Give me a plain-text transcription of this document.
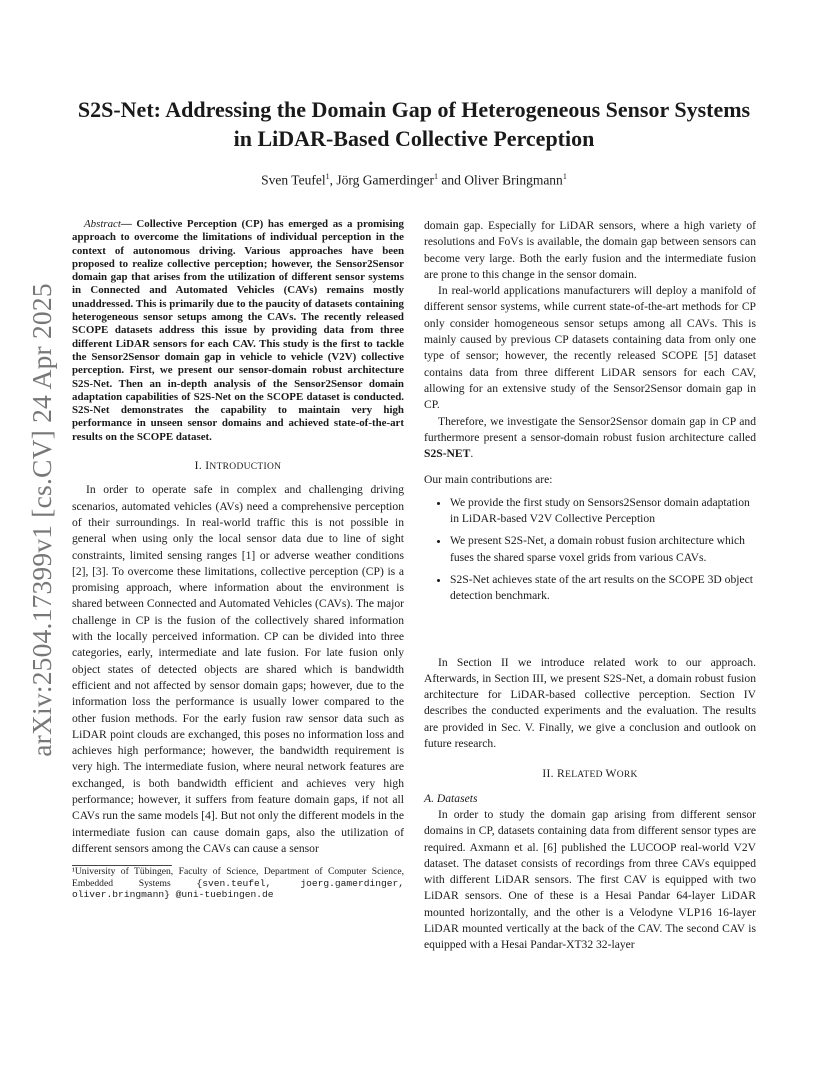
arXiv:2504.17399v1 [cs.CV] 24 Apr 2025
S2S-Net: Addressing the Domain Gap of Heterogeneous Sensor Systems
in LiDAR-Based Collective Perception

Sven Teufel$^1$, Jörg Gamerdinger$^1$ and Oliver Bringmann$^1$

Abstract— Collective Perception (CP) has emerged as a promising approach to overcome the limitations of individual perception in the context of autonomous driving. Various approaches have been proposed to realize collective perception; however, the Sensor2Sensor domain gap that arises from the utilization of different sensor systems in Connected and Automated Vehicles (CAVs) remains mostly unaddressed. This is primarily due to the paucity of datasets containing heterogeneous sensor setups among the CAVs. The recently released SCOPE datasets address this issue by providing data from three different LiDAR sensors for each CAV. This study is the first to tackle the Sensor2Sensor domain gap in vehicle to vehicle (V2V) collective perception. First, we present our sensor-domain robust architecture S2S-Net. Then an in-depth analysis of the Sensor2Sensor domain adaptation capabilities of S2S-Net on the SCOPE dataset is conducted. S2S-Net demonstrates the capability to maintain very high performance in unseen sensor domains and achieved state-of-the-art results on the SCOPE dataset.

I. INTRODUCTION

In order to operate safe in complex and challenging driving scenarios, automated vehicles (AVs) need a comprehensive perception of their surroundings. In real-world traffic this is not possible in general when using only the local sensor data due to line of sight constraints, limited sensing ranges [1] or adverse weather conditions [2], [3]. To overcome these limitations, collective perception (CP) is a promising approach, where information about the environment is shared between Connected and Automated Vehicles (CAVs). The major challenge in CP is the fusion of the collectively shared information with the locally perceived information. CP can be divided into three categories, early, intermediate and late fusion. For late fusion only object states of detected objects are shared which is bandwidth efficient and not affected by sensor domain gaps; however, due to the information loss the performance is usually lower compared to the other fusion methods. For the early fusion raw sensor data such as LiDAR point clouds are exchanged, this poses no information loss and achieves high performance; however, the bandwidth requirement is very high. The intermediate fusion, where neural network features are exchanged, is both bandwidth efficient and achieves very high performance; however, it suffers from feature domain gaps, if not all CAVs run the same models [4]. But not only the different models in the intermediate fusion can cause domain gaps, also the utilization of different sensors among the CAVs can cause a sensor

¹University of Tübingen, Faculty of Science, Department of Computer Science, Embedded Systems {sven.teufel, joerg.gamerdinger, oliver.bringmann} @uni-tuebingen.de

domain gap. Especially for LiDAR sensors, where a high variety of resolutions and FoVs is available, the domain gap between sensors can become very large. Both the early fusion and the intermediate fusion are prone to this change in the sensor domain.

In real-world applications manufacturers will deploy a manifold of different sensor systems, while current state-of-the-art methods for CP only consider homogeneous sensor setups among all CAVs. This is mainly caused by previous CP datasets containing data from only one type of sensor; however, the recently released SCOPE [5] dataset contains data from three different LiDAR sensors for each CAV, allowing for an extensive study of the Sensor2Sensor domain gap in CP.

Therefore, we investigate the Sensor2Sensor domain gap in CP and furthermore present a sensor-domain robust fusion architecture called S2S-NET.

Our main contributions are:

• We provide the first study on Sensors2Sensor domain adaptation in LiDAR-based V2V Collective Perception
• We present S2S-Net, a domain robust fusion architecture which fuses the shared sparse voxel grids from various CAVs.
• S2S-Net achieves state of the art results on the SCOPE 3D object detection benchmark.

In Section II we introduce related work to our approach. Afterwards, in Section III, we present S2S-Net, a domain robust fusion architecture for LiDAR-based collective perception. Section IV describes the conducted experiments and the evaluation. The results are provided in Sec. V. Finally, we give a conclusion and outlook on future research.

II. RELATED WORK

A. Datasets

In order to study the domain gap arising from different sensor domains in CP, datasets containing data from different sensor types are required. Axmann et al. [6] published the LUCOOP real-world V2V dataset. The dataset consists of recordings from three CAVs equipped with different LiDAR sensors. The first CAV is equipped with two LiDAR sensors. One of these is a Hesai Pandar 64-layer LiDAR mounted horizontally, and the other is a Velodyne VLP16 16-layer LiDAR mounted vertically at the back of the CAV. The second CAV is equipped with a Hesai Pandar-XT32 32-layer
